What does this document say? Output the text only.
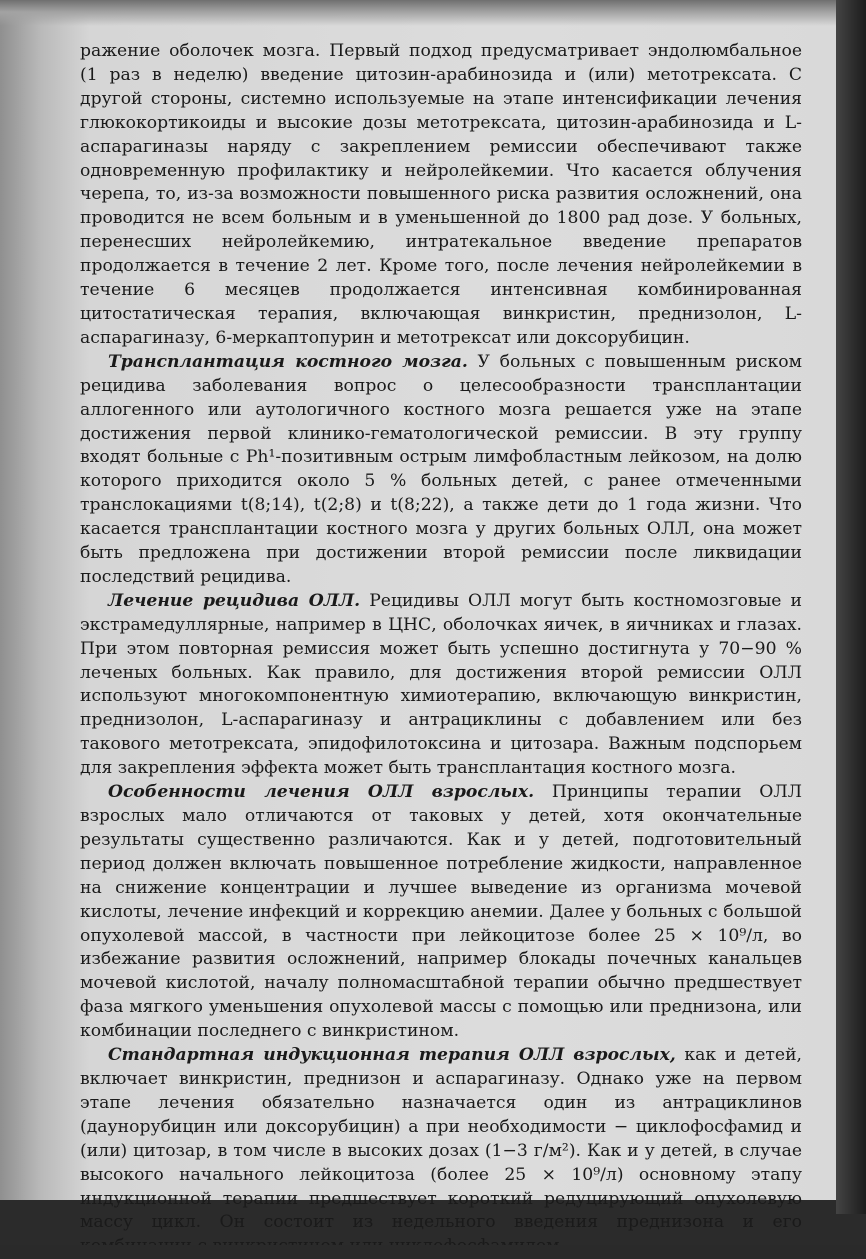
ражение оболочек мозга. Первый подход предусматривает эндолюмбальное (1 раз в неделю) введение цитозин-арабинозида и (или) метотрексата. С другой стороны, системно используемые на этапе интенсификации лечения глюкокортикоиды и высокие дозы метотрексата, цитозин-арабинозида и L-аспарагиназы наряду с закреплением ремиссии обеспечивают также одновременную профилактику и нейролейкемии. Что касается облучения черепа, то, из-за возможности повышенного риска развития осложнений, она проводится не всем больным и в уменьшенной до 1800 рад дозе. У больных, перенесших нейролейкемию, интратекальное введение препаратов продолжается в течение 2 лет. Кроме того, после лечения нейролейкемии в течение 6 месяцев продолжается интенсивная комбинированная цитостатическая терапия, включающая винкристин, преднизолон, L-аспарагиназу, 6-меркаптопурин и метотрексат или доксорубицин.

Трансплантация костного мозга. У больных с повышенным риском рецидива заболевания вопрос о целесообразности трансплантации аллогенного или аутологичного костного мозга решается уже на этапе достижения первой клинико-гематологической ремиссии. В эту группу входят больные с Ph¹-позитивным острым лимфобластным лейкозом, на долю которого приходится около 5 % больных детей, с ранее отмеченными транслокациями t(8;14), t(2;8) и t(8;22), а также дети до 1 года жизни. Что касается трансплантации костного мозга у других больных ОЛЛ, она может быть предложена при достижении второй ремиссии после ликвидации последствий рецидива.

Лечение рецидива ОЛЛ. Рецидивы ОЛЛ могут быть костномозговые и экстрамедуллярные, например в ЦНС, оболочках яичек, в яичниках и глазах. При этом повторная ремиссия может быть успешно достигнута у 70−90 % леченых больных. Как правило, для достижения второй ремиссии ОЛЛ используют многокомпонентную химиотерапию, включающую винкристин, преднизолон, L-аспарагиназу и антрациклины с добавлением или без такового метотрексата, эпидофилотоксина и цитозара. Важным подспорьем для закрепления эффекта может быть трансплантация костного мозга.

Особенности лечения ОЛЛ взрослых. Принципы терапии ОЛЛ взрослых мало отличаются от таковых у детей, хотя окончательные результаты существенно различаются. Как и у детей, подготовительный период должен включать повышенное потребление жидкости, направленное на снижение концентрации и лучшее выведение из организма мочевой кислоты, лечение инфекций и коррекцию анемии. Далее у больных с большой опухолевой массой, в частности при лейкоцитозе более 25 × 10⁹/л, во избежание развития осложнений, например блокады почечных канальцев мочевой кислотой, началу полномасштабной терапии обычно предшествует фаза мягкого уменьшения опухолевой массы с помощью или преднизона, или комбинации последнего с винкристином.

Стандартная индукционная терапия ОЛЛ взрослых, как и детей, включает винкристин, преднизон и аспарагиназу. Однако уже на первом этапе лечения обязательно назначается один из антрациклинов (даунорубицин или доксорубицин) а при необходимости − циклофосфамид и (или) цитозар, в том числе в высоких дозах (1−3 г/м²). Как и у детей, в случае высокого начального лейкоцитоза (более 25 × 10⁹/л) основному этапу индукционной терапии предшествует короткий редуцирующий опухолевую массу цикл. Он состоит из недельного введения преднизона и его
